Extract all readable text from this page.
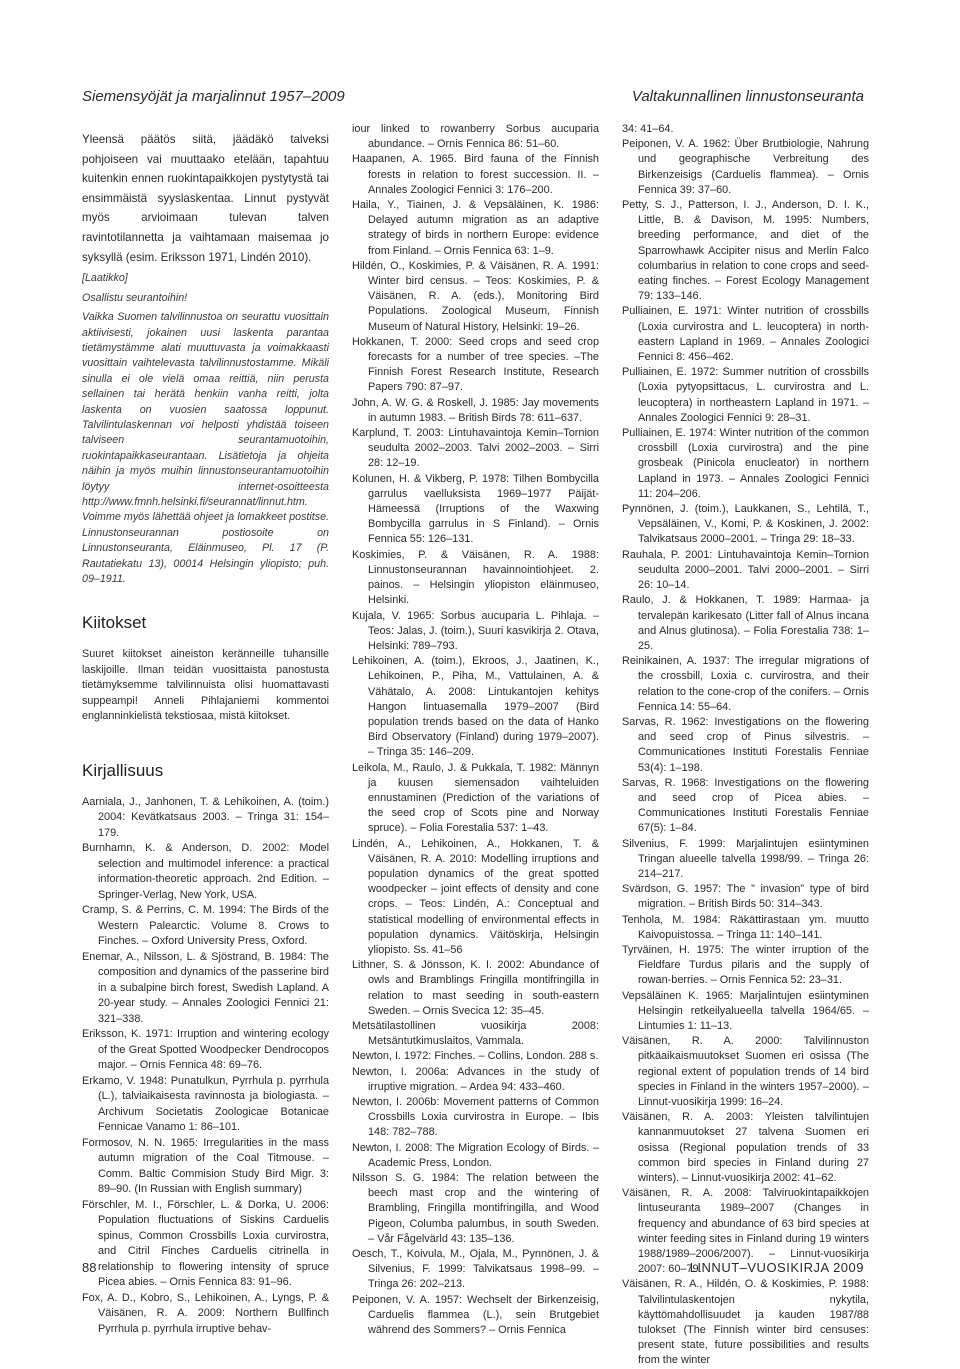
Siemensyöjät ja marjalinnut 1957–2009	Valtakunnallinen linnustonseuranta

Yleensä päätös siitä, jäädäkö talveksi pohjoiseen vai muuttaako etelään, tapahtuu kuitenkin ennen ruokintapaikkojen pystytystä tai ensimmäistä syyslaskentaa. Linnut pystyvät myös arvioimaan tulevan talven ravintotilannetta ja vaihtamaan maisemaa jo syksyllä (esim. Eriksson 1971, Lindén 2010).

[Laatikko]

Osallistu seurantoihin!

Vaikka Suomen talvilinnustoa on seurattu vuosittain aktiivisesti, jokainen uusi laskenta parantaa tietämystämme alati muuttuvasta ja voimakkaasti vuosittain vaihtelevasta talvilinnustostamme. Mikäli sinulla ei ole vielä omaa reittiä, niin perusta sellainen tai herätä henkiin vanha reitti, jolta laskenta on vuosien saatossa loppunut. Talvilintulaskennan voi helposti yhdistää toiseen talviseen seurantamuotoihin, ruokintapaikkaseurantaan. Lisätietoja ja ohjeita näihin ja myös muihin linnustonseurantamuotoihin löytyy internet-osoitteesta http://www.fmnh.helsinki.fi/seurannat/linnut.htm. Voimme myös lähettää ohjeet ja lomakkeet postitse. Linnustonseurannan postiosoite on Linnustonseuranta, Eläinmuseo, Pl. 17 (P. Rautatiekatu 13), 00014 Helsingin yliopisto; puh. 09–1911.

Kiitokset

Suuret kiitokset aineiston keränneille tuhansille laskijoille. Ilman teidän vuosittaista panostusta tietämyksemme talvilinnuista olisi huomattavasti suppeampi! Anneli Pihlajaniemi kommentoi englanninkielistä tekstiosaa, mistä kiitokset.

Kirjallisuus
Aarniala, J., Janhonen, T. & Lehikoinen, A. (toim.) 2004: Kevätkatsaus 2003. – Tringa 31: 154–179.
Burnhamn, K. & Anderson, D. 2002: Model selection and multimodel inference: a practical information-theoretic approach. 2nd Edition. – Springer-Verlag, New York, USA.
Cramp, S. & Perrins, C. M. 1994: The Birds of the Western Palearctic. Volume 8. Crows to Finches. – Oxford University Press, Oxford.
Enemar, A., Nilsson, L. & Sjöstrand, B. 1984: The composition and dynamics of the passerine bird in a subalpine birch forest, Swedish Lapland. A 20-year study. – Annales Zoologici Fennici 21: 321–338.
Eriksson, K. 1971: Irruption and wintering ecology of the Great Spotted Woodpecker Dendrocopos major. – Ornis Fennica 48: 69–76.
Erkamo, V. 1948: Punatulkun, Pyrrhula p. pyrrhula (L.), talviaikaisesta ravinnosta ja biologiasta. – Archivum Societatis Zoologicae Botanicae Fennicae Vanamo 1: 86–101.
Formosov, N. N. 1965: Irregularities in the mass autumn migration of the Coal Titmouse. – Comm. Baltic Commision Study Bird Migr. 3: 89–90. (In Russian with English summary)
Förschler, M. I., Förschler, L. & Dorka, U. 2006: Population fluctuations of Siskins Carduelis spinus, Common Crossbills Loxia curvirostra, and Citril Finches Carduelis citrinella in relationship to flowering intensity of spruce Picea abies. – Ornis Fennica 83: 91–96.
Fox, A. D., Kobro, S., Lehikoinen, A., Lyngs, P. & Väisänen, R. A. 2009: Northern Bullfinch Pyrrhula p. pyrrhula irruptive behav-
iour linked to rowanberry Sorbus aucuparia abundance. – Ornis Fennica 86: 51–60.
Haapanen, A. 1965. Bird fauna of the Finnish forests in relation to forest succession. II. – Annales Zoologici Fennici 3: 176–200.
Haila, Y., Tiainen, J. & Vepsäläinen, K. 1986: Delayed autumn migration as an adaptive strategy of birds in northern Europe: evidence from Finland. – Ornis Fennica 63: 1–9.
Hildén, O., Koskimies, P. & Väisänen, R. A. 1991: Winter bird census. – Teos: Koskimies, P. & Väisänen, R. A. (eds.), Monitoring Bird Populations. Zoological Museum, Finnish Museum of Natural History, Helsinki: 19–26.
Hokkanen, T. 2000: Seed crops and seed crop forecasts for a number of tree species. –The Finnish Forest Research Institute, Research Papers 790: 87–97.
John, A. W. G. & Roskell, J. 1985: Jay movements in autumn 1983. – British Birds 78: 611–637.
Karplund, T. 2003: Lintuhavaintoja Kemin–Tornion seudulta 2002–2003. Talvi 2002–2003. – Sirri 28: 12–19.
Kolunen, H. & Vikberg, P. 1978: Tilhen Bombycilla garrulus vaelluksista 1969–1977 Päijät-Hämeessä (Irruptions of the Waxwing Bombycilla garrulus in S Finland). – Ornis Fennica 55: 126–131.
Koskimies, P. & Väisänen, R. A. 1988: Linnustonseurannan havainnointiohjeet. 2. painos. – Helsingin yliopiston eläinmuseo, Helsinki.
Kujala, V. 1965: Sorbus aucuparia L. Pihlaja. – Teos: Jalas, J. (toim.), Suuri kasvikirja 2. Otava, Helsinki: 789–793.
Lehikoinen, A. (toim.), Ekroos, J., Jaatinen, K., Lehikoinen, P., Piha, M., Vattulainen, A. & Vähätalo, A. 2008: Lintukantojen kehitys Hangon lintuasemalla 1979–2007 (Bird population trends based on the data of Hanko Bird Observatory (Finland) during 1979–2007). – Tringa 35: 146–209.
Leikola, M., Raulo, J. & Pukkala, T. 1982: Männyn ja kuusen siemensadon vaihteluiden ennustaminen (Prediction of the variations of the seed crop of Scots pine and Norway spruce). – Folia Forestalia 537: 1–43.
Lindén, A., Lehikoinen, A., Hokkanen, T. & Väisänen, R. A. 2010: Modelling irruptions and population dynamics of the great spotted woodpecker – joint effects of density and cone crops. – Teos: Lindén, A.: Conceptual and statistical modelling of environmental effects in population dynamics. Väitöskirja, Helsingin yliopisto. Ss. 41–56
Lithner, S. & Jönsson, K. I. 2002: Abundance of owls and Bramblings Fringilla montifringilla in relation to mast seeding in south-eastern Sweden. – Ornis Svecica 12: 35–45.
Metsätilastollinen vuosikirja 2008: Metsäntutkimuslaitos, Vammala.
Newton, I. 1972: Finches. – Collins, London. 288 s.
Newton, I. 2006a: Advances in the study of irruptive migration. – Ardea 94: 433–460.
Newton, I. 2006b: Movement patterns of Common Crossbills Loxia curvirostra in Europe. – Ibis 148: 782–788.
Newton, I. 2008: The Migration Ecology of Birds. – Academic Press, London.
Nilsson S. G. 1984: The relation between the beech mast crop and the wintering of Brambling, Fringilla montifringilla, and Wood Pigeon, Columba palumbus, in south Sweden. – Vår Fågelvärld 43: 135–136.
Oesch, T., Koivula, M., Ojala, M., Pynnönen, J. & Silvenius, F. 1999: Talvikatsaus 1998–99. – Tringa 26: 202–213.
Peiponen, V. A. 1957: Wechselt der Birkenzeisig, Carduelis flammea (L.), sein Brutgebiet während des Sommers? – Ornis Fennica
34: 41–64.
Peiponen, V. A. 1962: Über Brutbiologie, Nahrung und geographische Verbreitung des Birkenzeisigs (Carduelis flammea). – Ornis Fennica 39: 37–60.
Petty, S. J., Patterson, I. J., Anderson, D. I. K., Little, B. & Davison, M. 1995: Numbers, breeding performance, and diet of the Sparrowhawk Accipiter nisus and Merlin Falco columbarius in relation to cone crops and seed-eating finches. – Forest Ecology Management 79: 133–146.
Pulliainen, E. 1971: Winter nutrition of crossbills (Loxia curvirostra and L. leucoptera) in north-eastern Lapland in 1969. – Annales Zoologici Fennici 8: 456–462.
Pulliainen, E. 1972: Summer nutrition of crossbills (Loxia pytyopsittacus, L. curvirostra and L. leucoptera) in northeastern Lapland in 1971. – Annales Zoologici Fennici 9: 28–31.
Pulliainen, E. 1974: Winter nutrition of the common crossbill (Loxia curvirostra) and the pine grosbeak (Pinicola enucleator) in northern Lapland in 1973. – Annales Zoologici Fennici 11: 204–206.
Pynnönen, J. (toim.), Laukkanen, S., Lehtilä, T., Vepsäläinen, V., Komi, P. & Koskinen, J. 2002: Talvikatsaus 2000–2001. – Tringa 29: 18–33.
Rauhala, P. 2001: Lintuhavaintoja Kemin–Tornion seudulta 2000–2001. Talvi 2000–2001. – Sirri 26: 10–14.
Raulo, J. & Hokkanen, T. 1989: Harmaa- ja tervalepän karikesato (Litter fall of Alnus incana and Alnus glutinosa). – Folia Forestalia 738: 1–25.
Reinikainen, A. 1937: The irregular migrations of the crossbill, Loxia c. curvirostra, and their relation to the cone-crop of the conifers. – Ornis Fennica 14: 55–64.
Sarvas, R. 1962: Investigations on the flowering and seed crop of Pinus silvestris. – Communicationes Instituti Forestalis Fenniae 53(4): 1–198.
Sarvas, R. 1968: Investigations on the flowering and seed crop of Picea abies. – Communicationes Instituti Forestalis Fenniae 67(5): 1–84.
Silvenius, F. 1999: Marjalintujen esiintyminen Tringan alueelle talvella 1998/99. – Tringa 26: 214–217.
Svärdson, G. 1957: The ” invasion” type of bird migration. – British Birds 50: 314–343.
Tenhola, M. 1984: Räkättirastaan ym. muutto Kaivopuistossa. – Tringa 11: 140–141.
Tyrväinen, H. 1975: The winter irruption of the Fieldfare Turdus pilaris and the supply of rowan-berries. – Ornis Fennica 52: 23–31.
Vepsäläinen K. 1965: Marjalintujen esiintyminen Helsingin retkeilyalueella talvella 1964/65. – Lintumies 1: 11–13.
Väisänen, R. A. 2000: Talvilinnuston pitkäaikaismuutokset Suomen eri osissa (The regional extent of population trends of 14 bird species in Finland in the winters 1957–2000). – Linnut-vuosikirja 1999: 16–24.
Väisänen, R. A. 2003: Yleisten talvilintujen kannanmuutokset 27 talvena Suomen eri osissa (Regional population trends of 33 common bird species in Finland during 27 winters). – Linnut-vuosikirja 2002: 41–62.
Väisänen, R. A. 2008: Talviruokintapaikkojen lintuseuranta 1989–2007 (Changes in frequency and abundance of 63 bird species at winter feeding sites in Finland during 19 winters 1988/1989–2006/2007). – Linnut-vuosikirja 2007: 60–79.
Väisänen, R. A., Hildén, O. & Koskimies, P. 1988: Talvilintulaskentojen nykytila, käyttömahdollisuudet ja kauden 1987/88 tulokset (The Finnish winter bird censuses: present state, future possibilities and results from the winter
88	LINNUT–VUOSIKIRJA 2009
